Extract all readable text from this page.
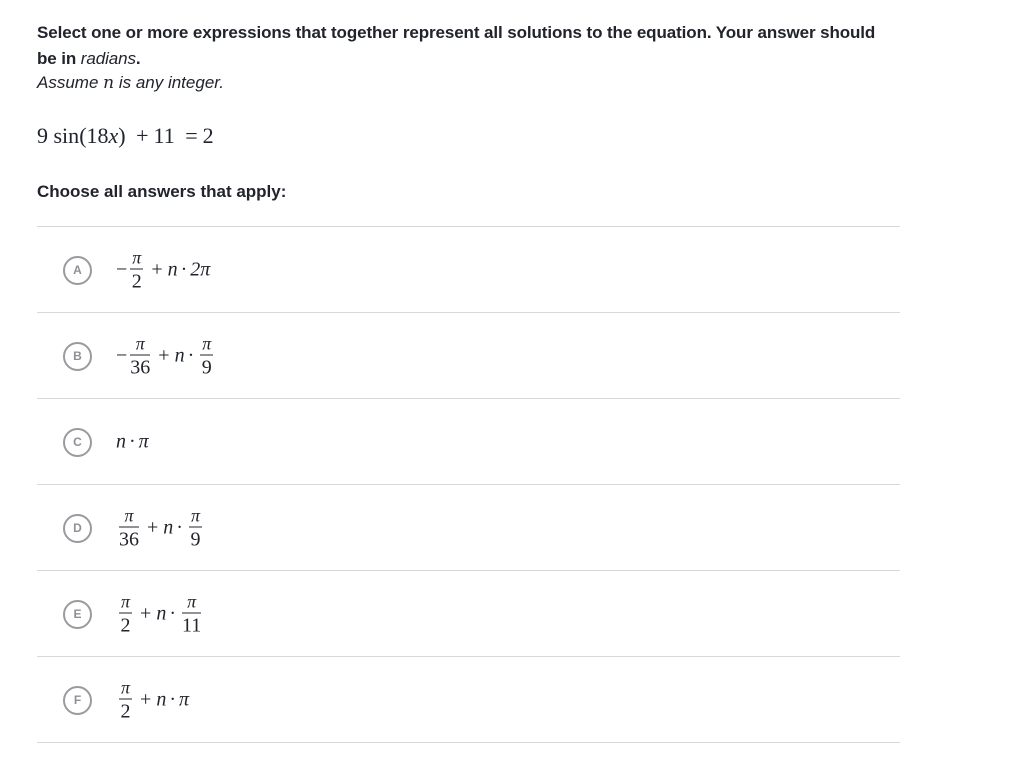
Select one or more expressions that together represent all solutions to the equation. Your answer should
be in radians.
Assume n is any integer.
9 sin(18x) + 11 = 2
Choose all answers that apply:
A	− $\frac{\pi}{2} + n \cdot 2\pi$
B	− $\frac{\pi}{36} + n \cdot \frac{\pi}{9}$
C	n · π
D	$\frac{\pi}{36} + n \cdot \frac{\pi}{9}$
E	$\frac{\pi}{2} + n \cdot \frac{\pi}{11}$
F	$\frac{\pi}{2} + n \cdot \pi$
